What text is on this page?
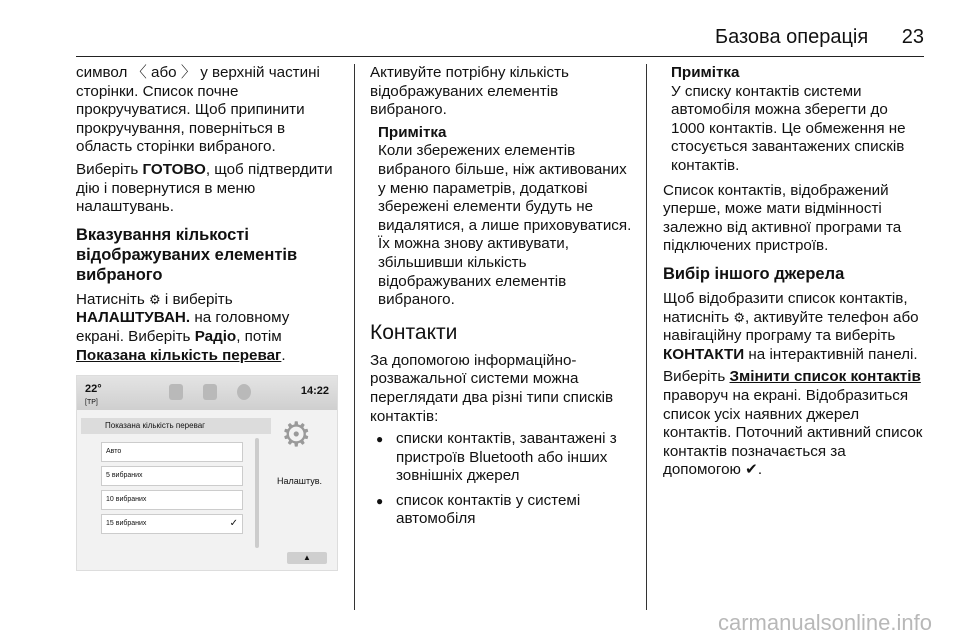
Базова операція 23

символ 〈 або 〉 у верхній частині сторінки. Список почне прокручуватися. Щоб припинити прокручування, поверніться в область сторінки вибраного.

Виберіть ГОТОВО, щоб підтвердити дію і повернутися в меню налаштувань.

Вказування кількості відображуваних елементів вибраного

Натисніть ⚙ і виберіть НАЛАШТУВАН. на головному екрані. Виберіть Радіо, потім Показана кількість переваг.

22°
[TP]
14:22
Показана кількість переваг
Авто
5 вибраних
10 вибраних
15 вибраних	✓
⚙
Налаштув.
▲

Активуйте потрібну кількість відображуваних елементів вибраного.

Примітка
Коли збережених елементів вибраного більше, ніж активованих у меню параметрів, додаткові збережені елементи будуть не видалятися, а лише приховуватися. Їх можна знову активувати, збільшивши кількість відображуваних елементів вибраного.
Контакти

За допомогою інформаційно-розважальної системи можна переглядати два різні типи списків контактів:

● списки контактів, завантажені з пристроїв Bluetooth або інших зовнішніх джерел
● список контактів у системі автомобіля
Примітка
У списку контактів системи автомобіля можна зберегти до 1000 контактів. Це обмеження не стосується завантажених списків контактів.

Список контактів, відображений уперше, може мати відмінності залежно від активної програми та підключених пристроїв.

Вибір іншого джерела

Щоб відобразити список контактів, натисніть ⚙, активуйте телефон або навігаційну програму та виберіть КОНТАКТИ на інтерактивній панелі.

Виберіть Змінити список контактів праворуч на екрані. Відобразиться список усіх наявних джерел контактів. Поточний активний список контактів позначається за допомогою ✔.

carmanualsonline.info
